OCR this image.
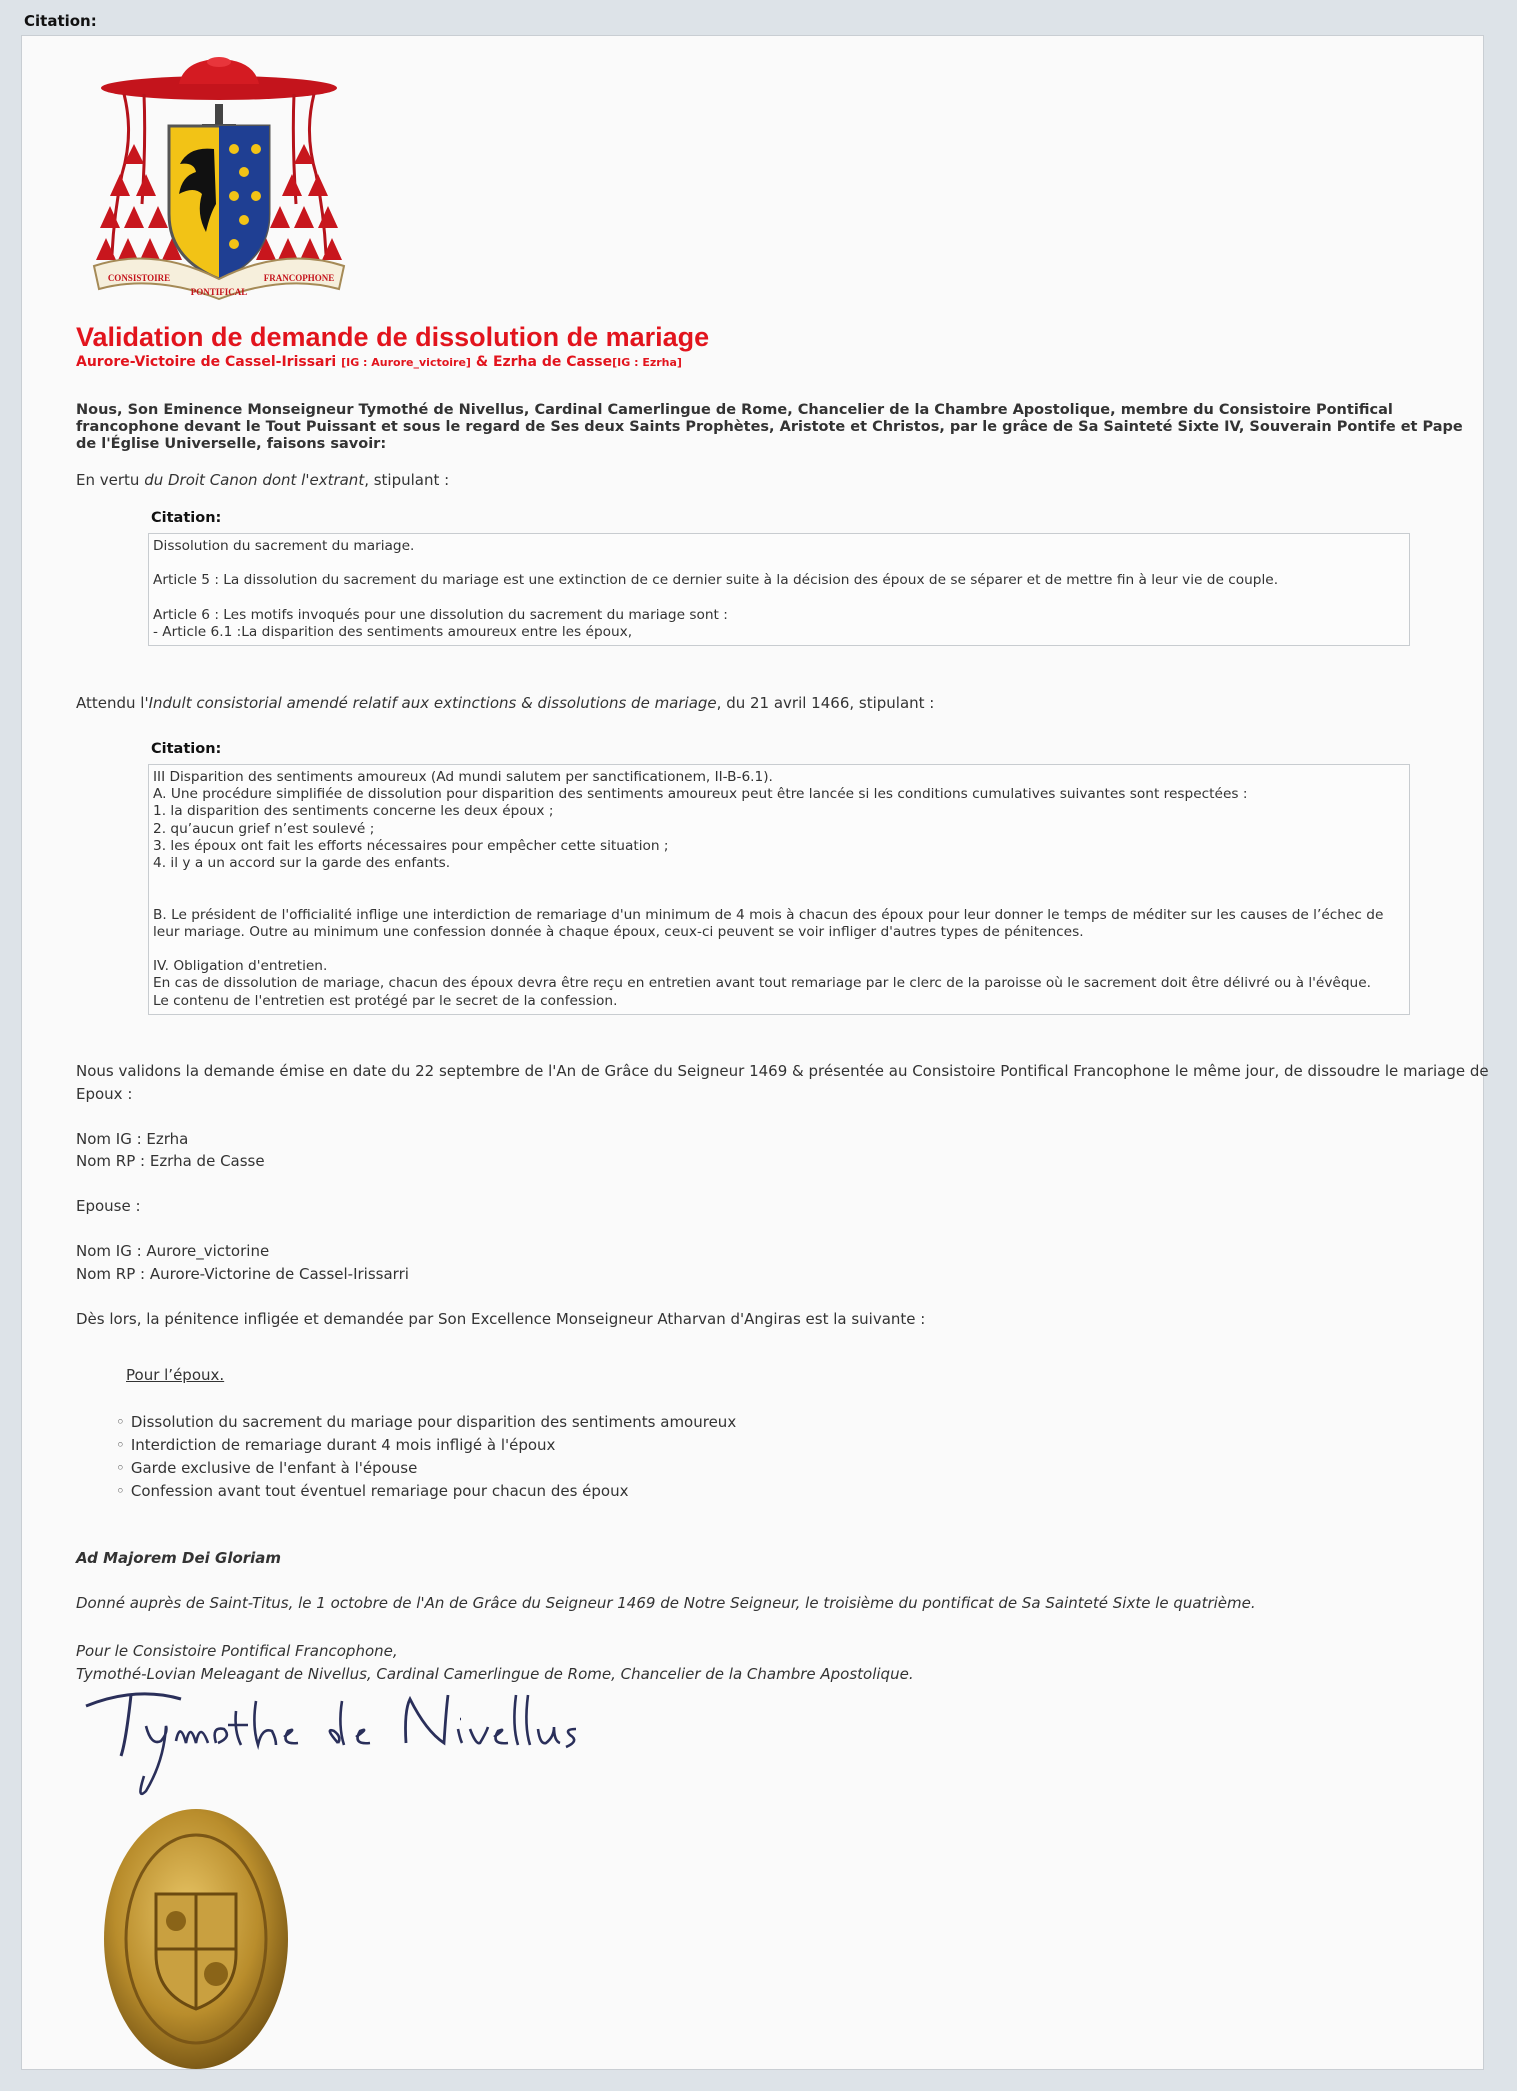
Citation:
CONSISTOIRE
PONTIFICAL
FRANCOPHONE
Validation de demande de dissolution de mariage
Aurore-Victoire de Cassel-Irissari [IG : Aurore_victoire] & Ezrha de Casse[IG : Ezrha]
Nous, Son Eminence Monseigneur Tymothé de Nivellus, Cardinal Camerlingue de Rome, Chancelier de la Chambre Apostolique, membre du Consistoire Pontifical francophone devant le Tout Puissant et sous le regard de Ses deux Saints Prophètes, Aristote et Christos, par le grâce de Sa Sainteté Sixte IV, Souverain Pontife et Pape de l'Église Universelle, faisons savoir:
En vertu du Droit Canon dont l'extrant, stipulant :
Citation:
Dissolution du sacrement du mariage.
Article 5 : La dissolution du sacrement du mariage est une extinction de ce dernier suite à la décision des époux de se séparer et de mettre fin à leur vie de couple.
Article 6 : Les motifs invoqués pour une dissolution du sacrement du mariage sont :
- Article 6.1 :La disparition des sentiments amoureux entre les époux,
Attendu l'Indult consistorial amendé relatif aux extinctions & dissolutions de mariage, du 21 avril 1466, stipulant :
Citation:
III Disparition des sentiments amoureux (Ad mundi salutem per sanctificationem, II-B-6.1).
A. Une procédure simplifiée de dissolution pour disparition des sentiments amoureux peut être lancée si les conditions cumulatives suivantes sont respectées :
1. la disparition des sentiments concerne les deux époux ;
2. qu’aucun grief n’est soulevé ;
3. les époux ont fait les efforts nécessaires pour empêcher cette situation ;
4. il y a un accord sur la garde des enfants.
B. Le président de l'officialité inflige une interdiction de remariage d'un minimum de 4 mois à chacun des époux pour leur donner le temps de méditer sur les causes de l’échec de
leur mariage. Outre au minimum une confession donnée à chaque époux, ceux-ci peuvent se voir infliger d'autres types de pénitences.
IV. Obligation d'entretien.
En cas de dissolution de mariage, chacun des époux devra être reçu en entretien avant tout remariage par le clerc de la paroisse où le sacrement doit être délivré ou à l'évêque.
Le contenu de l'entretien est protégé par le secret de la confession.
Nous validons la demande émise en date du 22 septembre de l'An de Grâce du Seigneur 1469 & présentée au Consistoire Pontifical Francophone le même jour, de dissoudre le mariage de
Epoux :
Nom IG : Ezrha
Nom RP : Ezrha de Casse
Epouse :
Nom IG : Aurore_victorine
Nom RP : Aurore-Victorine de Cassel-Irissarri
Dès lors, la pénitence infligée et demandée par Son Excellence Monseigneur Atharvan d'Angiras est la suivante :
Pour l’époux.
◦ Dissolution du sacrement du mariage pour disparition des sentiments amoureux
◦ Interdiction de remariage durant 4 mois infligé à l'époux
◦ Garde exclusive de l'enfant à l'épouse
◦ Confession avant tout éventuel remariage pour chacun des époux
Ad Majorem Dei Gloriam
Donné auprès de Saint-Titus, le 1 octobre de l'An de Grâce du Seigneur 1469 de Notre Seigneur, le troisième du pontificat de Sa Sainteté Sixte le quatrième.
Pour le Consistoire Pontifical Francophone,
Tymothé-Lovian Meleagant de Nivellus, Cardinal Camerlingue de Rome, Chancelier de la Chambre Apostolique.
